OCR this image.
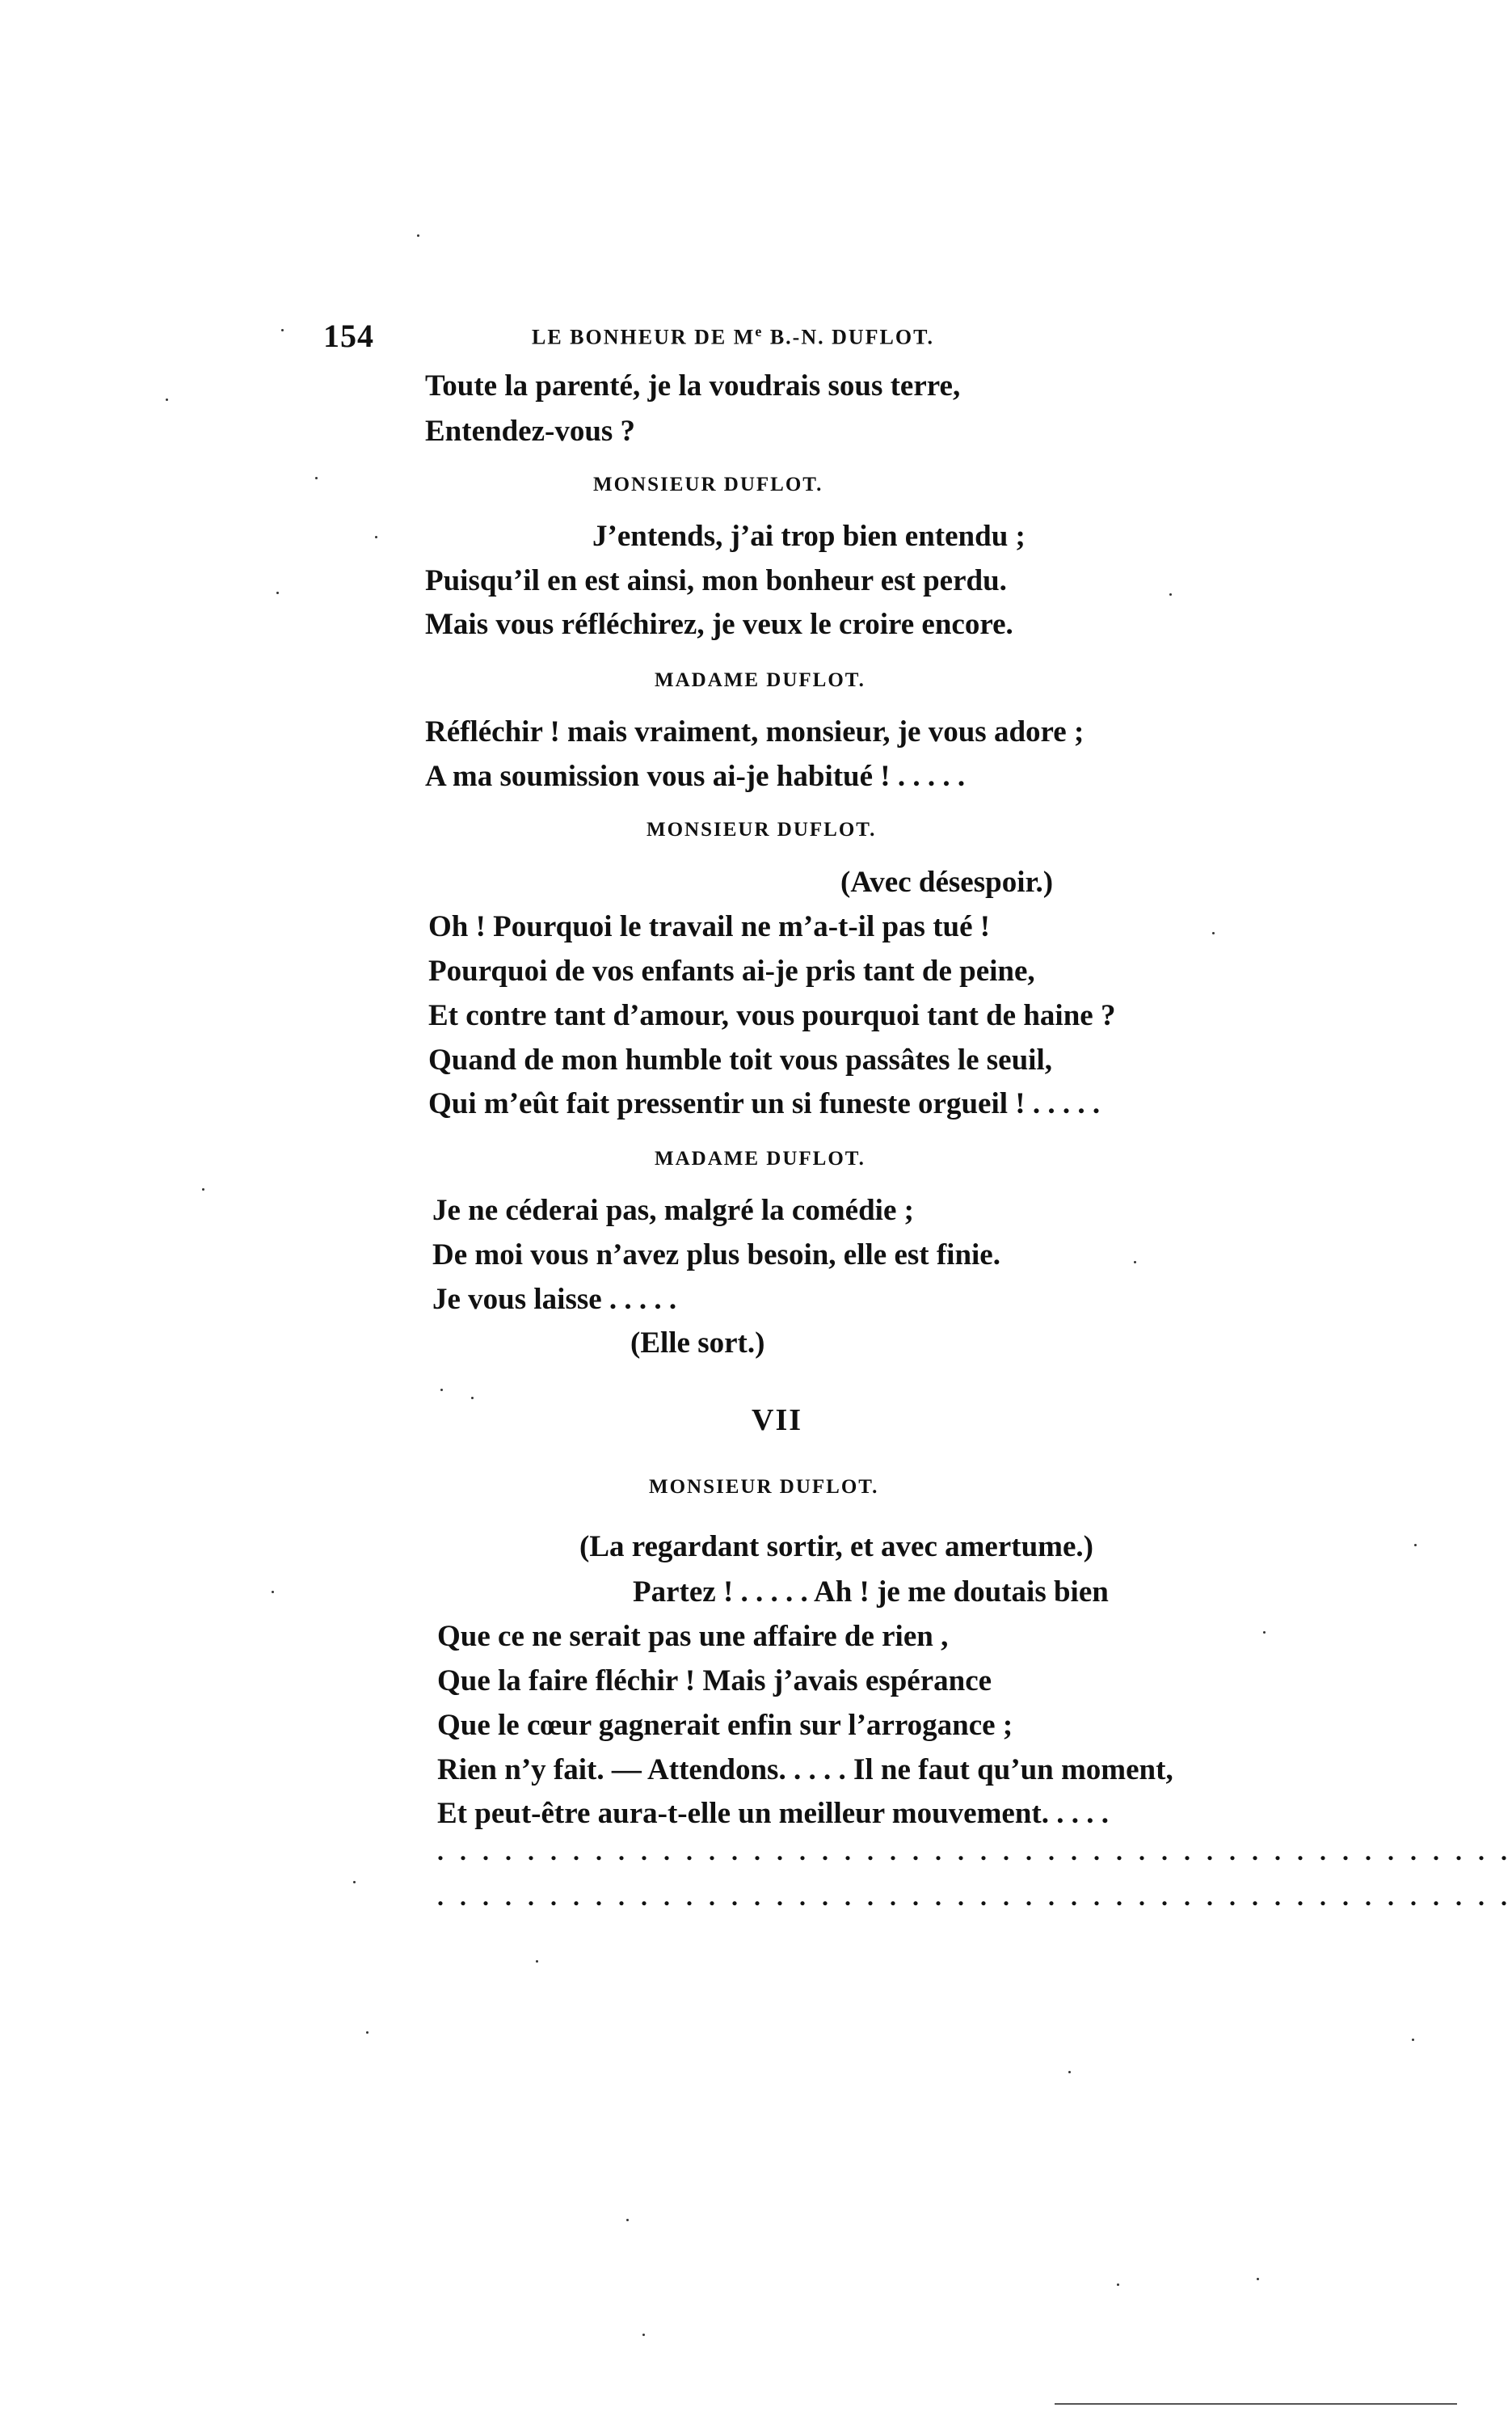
154	LE BONHEUR DE Me B.-N. DUFLOT.
Toute la parenté, je la voudrais sous terre,
Entendez-vous ?
MONSIEUR DUFLOT.
J’entends, j’ai trop bien entendu ;
Puisqu’il en est ainsi, mon bonheur est perdu.
Mais vous réfléchirez, je veux le croire encore.
MADAME DUFLOT.
Réfléchir ! mais vraiment, monsieur, je vous adore ;
A ma soumission vous ai-je habitué ! . . . . .
MONSIEUR DUFLOT.
(Avec désespoir.)
Oh ! Pourquoi le travail ne m’a-t-il pas tué !
Pourquoi de vos enfants ai-je pris tant de peine,
Et contre tant d’amour, vous pourquoi tant de haine ?
Quand de mon humble toit vous passâtes le seuil,
Qui m’eût fait pressentir un si funeste orgueil ! . . . . .
MADAME DUFLOT.
Je ne céderai pas, malgré la comédie ;
De moi vous n’avez plus besoin, elle est finie.
Je vous laisse . . . . .
(Elle sort.)
VII
MONSIEUR DUFLOT.
(La regardant sortir, et avec amertume.)
Partez ! . . . . . Ah ! je me doutais bien
Que ce ne serait pas une affaire de rien ,
Que la faire fléchir ! Mais j’avais espérance
Que le cœur gagnerait enfin sur l’arrogance ;
Rien n’y fait. — Attendons. . . . . Il ne faut qu’un moment,
Et peut-être aura-t-elle un meilleur mouvement. . . . .
. . . . . . . . . . . . . . . . . . . . . . . . . . . . . . . . . . . . . . . . . . . . . . . .
. . . . . . . . . . . . . . . . . . . . . . . . . . . . . . . . . . . . . . . . . . . . . . . .
